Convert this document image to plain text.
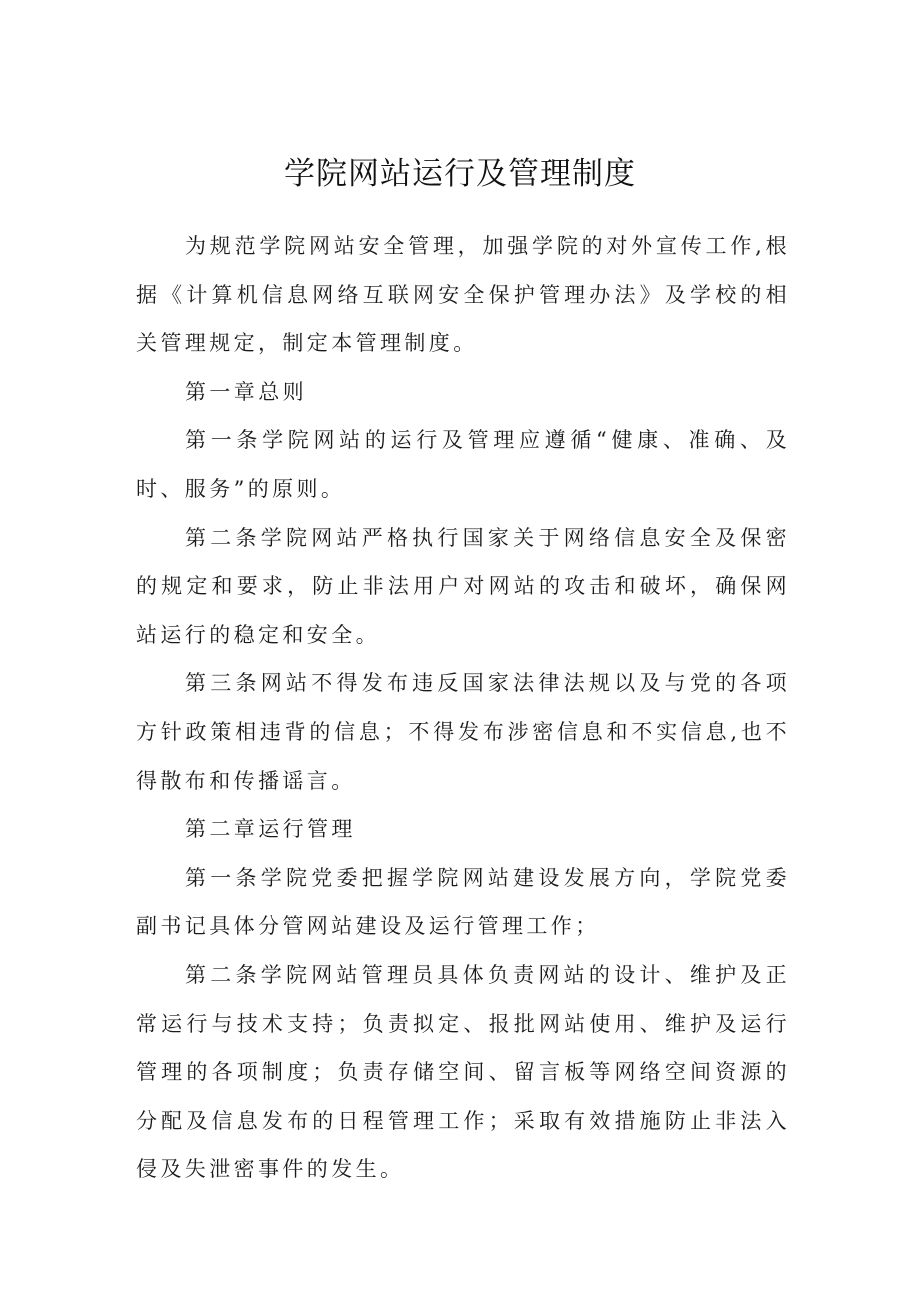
学院网站运行及管理制度

为规范学院网站安全管理，加强学院的对外宣传工作,根据《计算机信息网络互联网安全保护管理办法》及学校的相关管理规定，制定本管理制度。

第一章总则

第一条学院网站的运行及管理应遵循“健康、准确、及时、服务”的原则。

第二条学院网站严格执行国家关于网络信息安全及保密的规定和要求，防止非法用户对网站的攻击和破坏，确保网站运行的稳定和安全。

第三条网站不得发布违反国家法律法规以及与党的各项方针政策相违背的信息；不得发布涉密信息和不实信息,也不得散布和传播谣言。

第二章运行管理

第一条学院党委把握学院网站建设发展方向，学院党委副书记具体分管网站建设及运行管理工作；

第二条学院网站管理员具体负责网站的设计、维护及正常运行与技术支持；负责拟定、报批网站使用、维护及运行管理的各项制度；负责存储空间、留言板等网络空间资源的分配及信息发布的日程管理工作；采取有效措施防止非法入侵及失泄密事件的发生。
